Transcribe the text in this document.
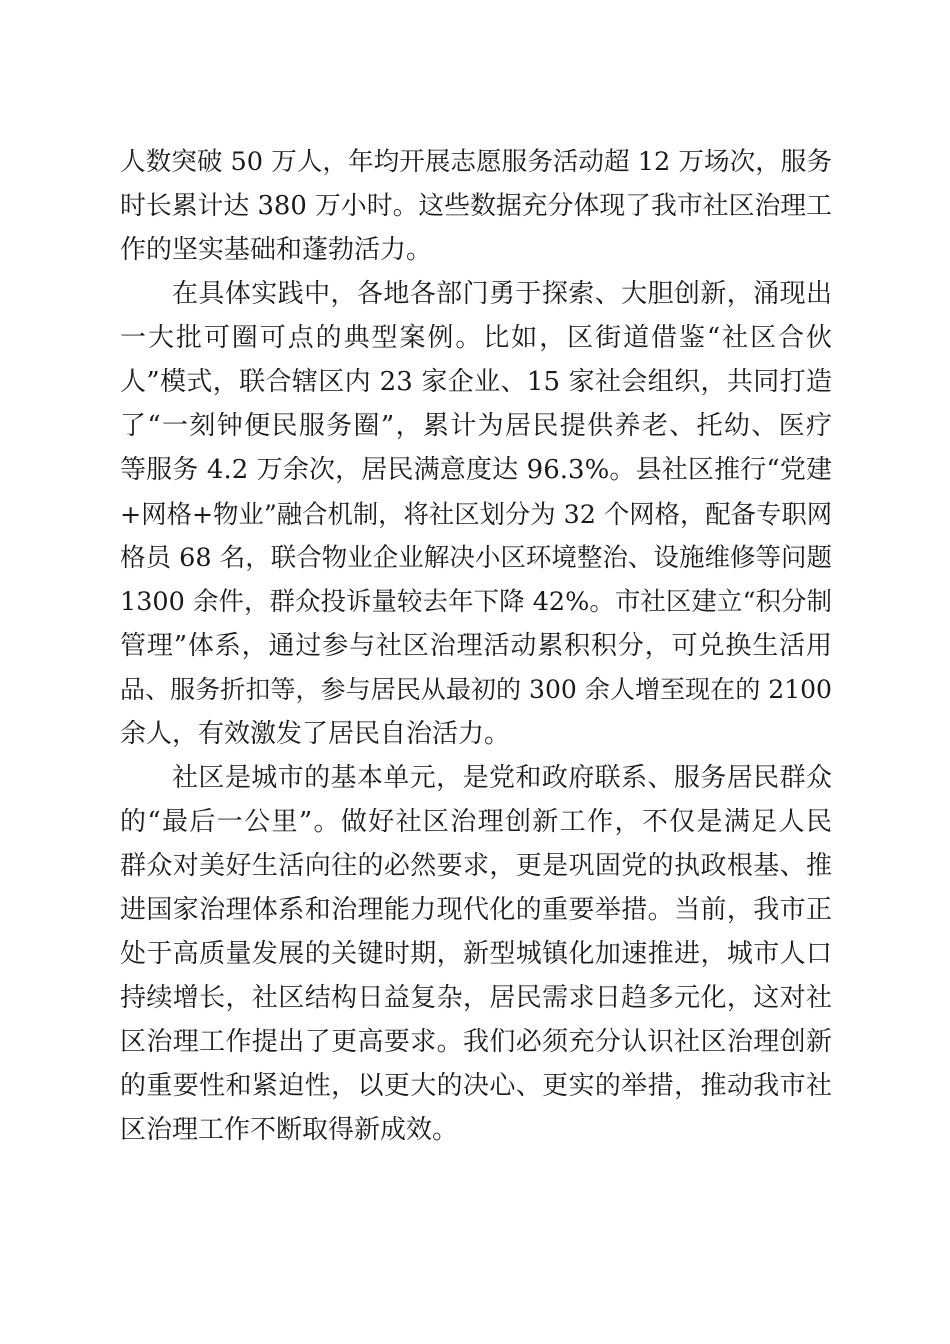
人数突破 50 万人，年均开展志愿服务活动超 12 万场次，服务
时长累计达 380 万小时。这些数据充分体现了我市社区治理工
作的坚实基础和蓬勃活力。
在具体实践中，各地各部门勇于探索、大胆创新，涌现出
一大批可圈可点的典型案例。比如，区街道借鉴“社区合伙
人”模式，联合辖区内 23 家企业、15 家社会组织，共同打造
了“一刻钟便民服务圈”，累计为居民提供养老、托幼、医疗
等服务 4.2 万余次，居民满意度达 96.3%。县社区推行“党建
+网格+物业”融合机制，将社区划分为 32 个网格，配备专职网
格员 68 名，联合物业企业解决小区环境整治、设施维修等问题
1300 余件，群众投诉量较去年下降 42%。市社区建立“积分制
管理”体系，通过参与社区治理活动累积积分，可兑换生活用
品、服务折扣等，参与居民从最初的 300 余人增至现在的 2100
余人，有效激发了居民自治活力。
社区是城市的基本单元，是党和政府联系、服务居民群众
的“最后一公里”。做好社区治理创新工作，不仅是满足人民
群众对美好生活向往的必然要求，更是巩固党的执政根基、推
进国家治理体系和治理能力现代化的重要举措。当前，我市正
处于高质量发展的关键时期，新型城镇化加速推进，城市人口
持续增长，社区结构日益复杂，居民需求日趋多元化，这对社
区治理工作提出了更高要求。我们必须充分认识社区治理创新
的重要性和紧迫性，以更大的决心、更实的举措，推动我市社
区治理工作不断取得新成效。
